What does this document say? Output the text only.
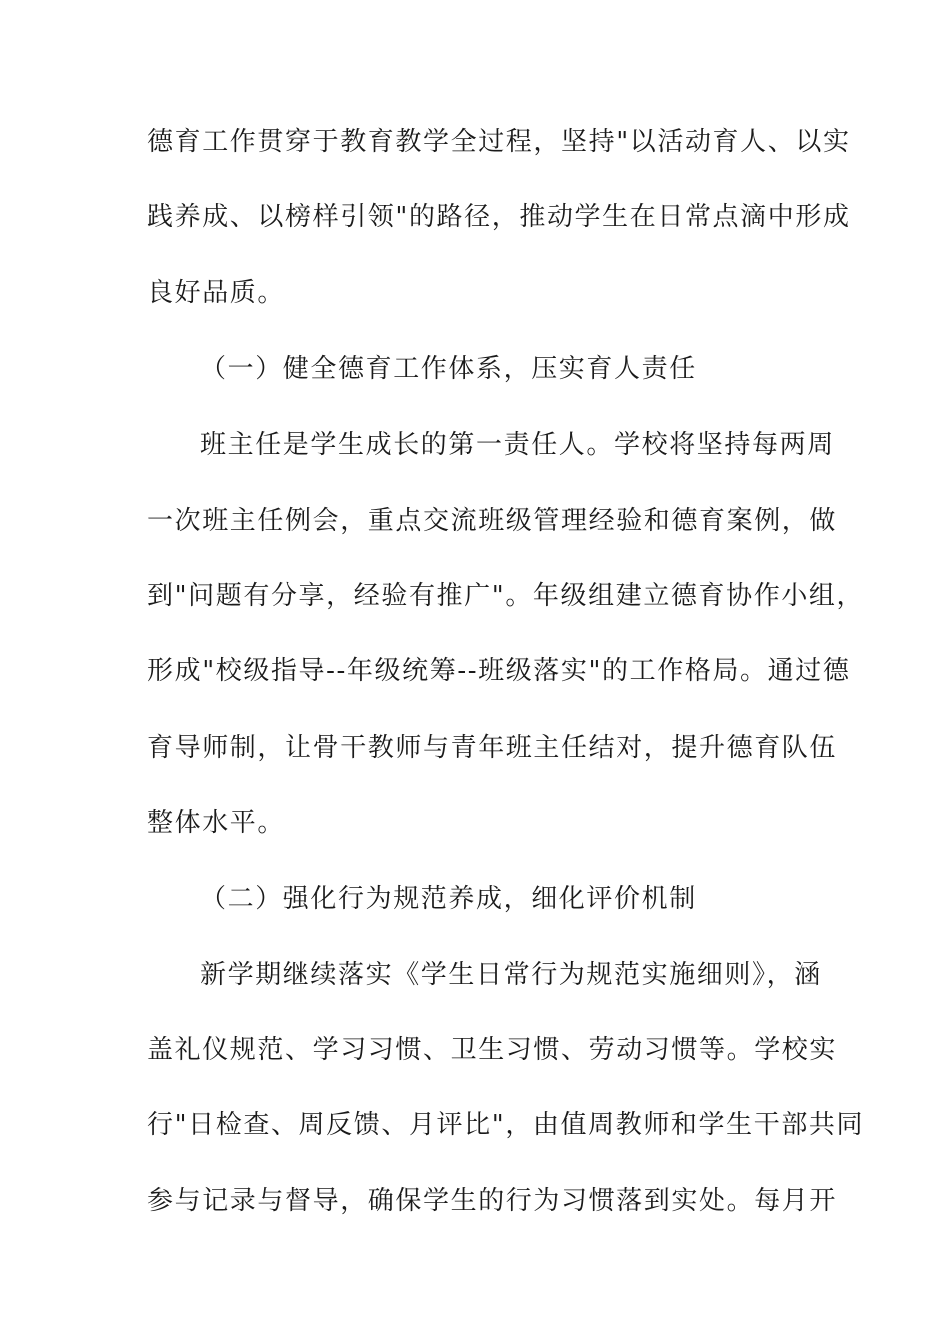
德育工作贯穿于教育教学全过程，坚持"以活动育人、以实
践养成、以榜样引领"的路径，推动学生在日常点滴中形成
良好品质。
（一）健全德育工作体系，压实育人责任
班主任是学生成长的第一责任人。学校将坚持每两周
一次班主任例会，重点交流班级管理经验和德育案例，做
到"问题有分享，经验有推广"。年级组建立德育协作小组，
形成"校级指导--年级统筹--班级落实"的工作格局。通过德
育导师制，让骨干教师与青年班主任结对，提升德育队伍
整体水平。
（二）强化行为规范养成，细化评价机制
新学期继续落实《学生日常行为规范实施细则》，涵
盖礼仪规范、学习习惯、卫生习惯、劳动习惯等。学校实
行"日检查、周反馈、月评比"，由值周教师和学生干部共同
参与记录与督导，确保学生的行为习惯落到实处。每月开
